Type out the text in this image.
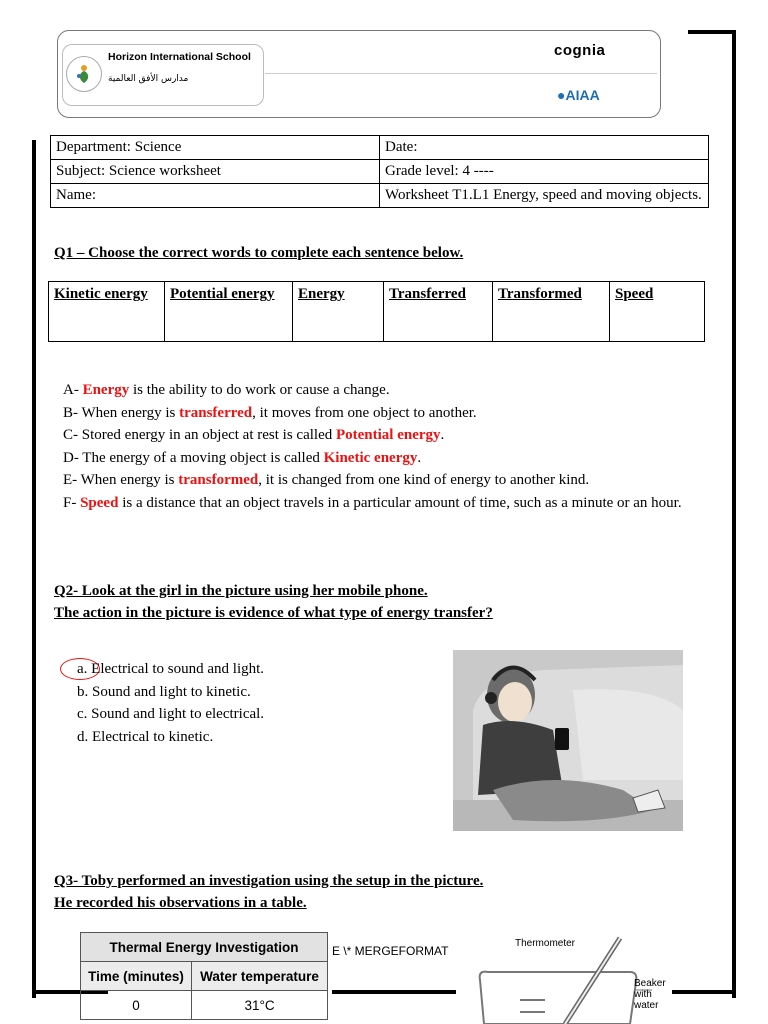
Horizon International School
مدارس الأفق العالمية
cognia
●AIAA
Department: Science	Date:
Subject: Science worksheet	Grade level: 4 ----
Name:	Worksheet T1.L1 Energy, speed and moving objects.
Q1 – Choose the correct words to complete each sentence below.
Kinetic energy	Potential energy	Energy	Transferred	Transformed	Speed
A- Energy is the ability to do work or cause a change.
B- When energy is transferred, it moves from one object to another.
C- Stored energy in an object at rest is called Potential energy.
D- The energy of a moving object is called Kinetic energy.
E- When energy is transformed, it is changed from one kind of energy to another kind.
F- Speed is a distance that an object travels in a particular amount of time, such as a minute or an hour.
Q2- Look at the girl in the picture using her mobile phone.
The action in the picture is evidence of what type of energy transfer?
a. Electrical to sound and light.
b. Sound and light to kinetic.
c. Sound and light to electrical.
d. Electrical to kinetic.
Q3- Toby performed an investigation using the setup in the picture.
He recorded his observations in a table.
Thermal Energy Investigation	
Time (minutes)	Water temperature
0	31°C
E \* MERGEFORMAT
Thermometer
Beaker
with
water
